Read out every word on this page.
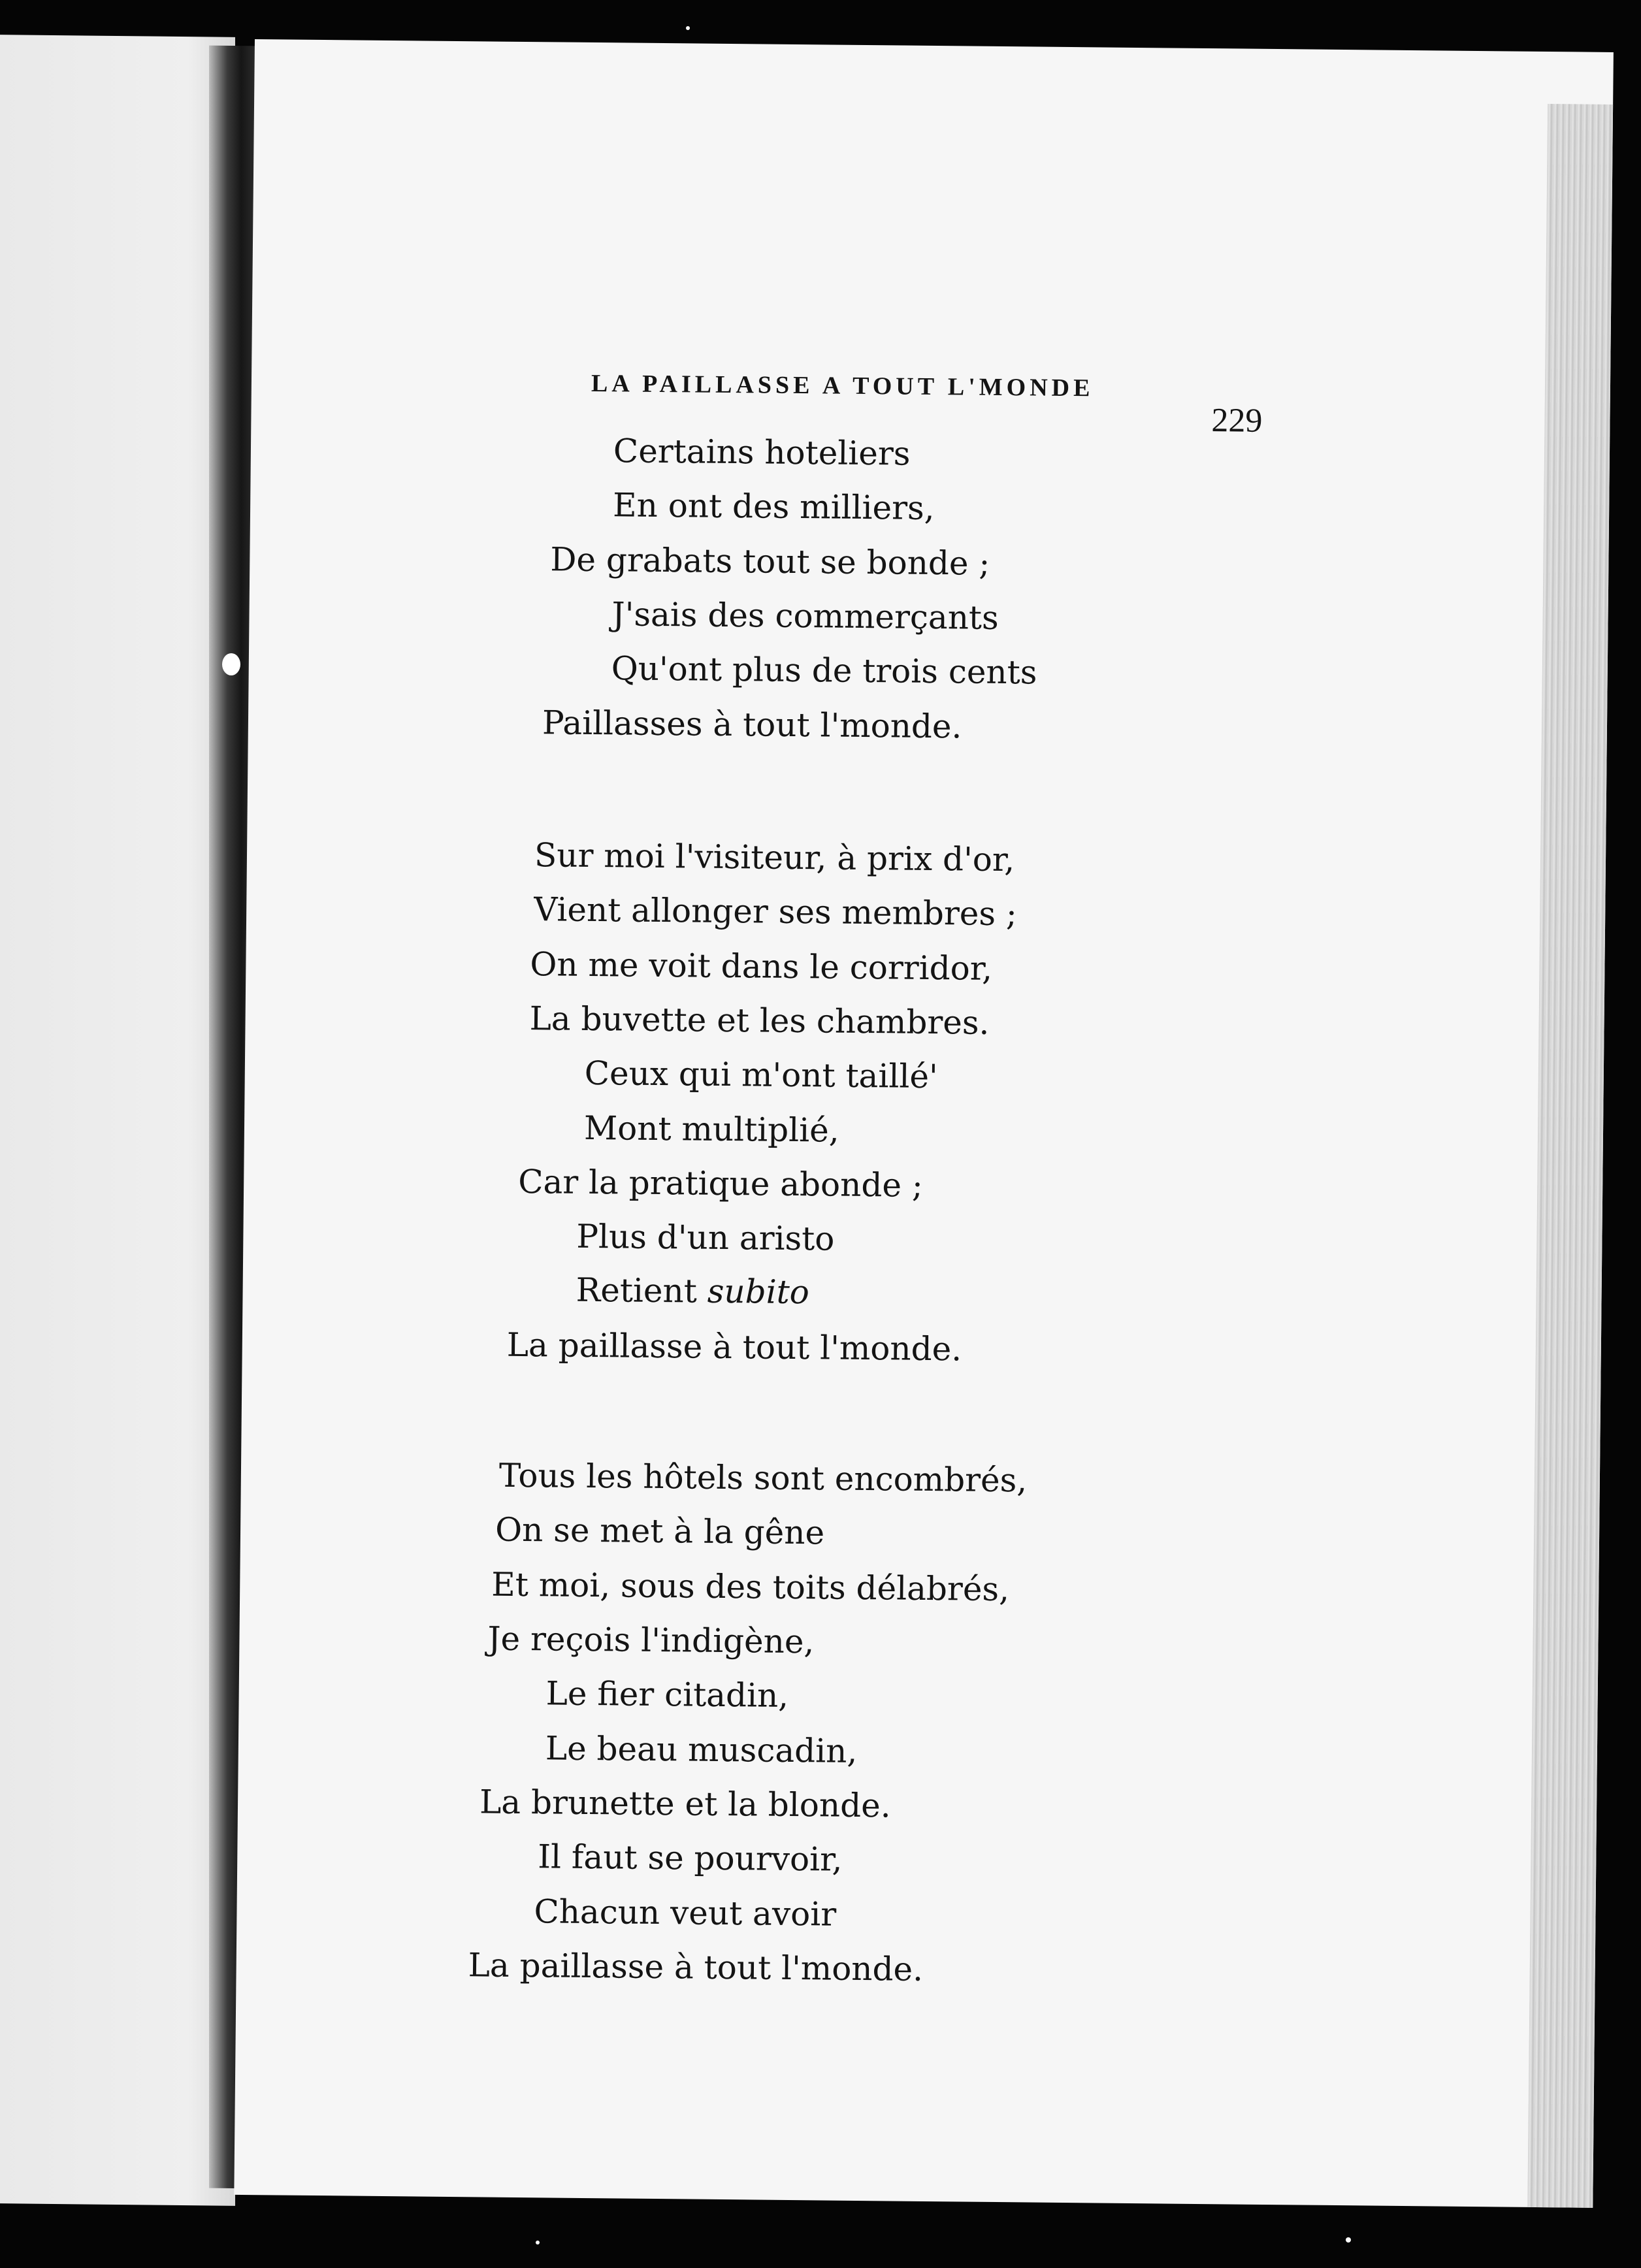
LA PAILLASSE A TOUT L'MONDE
229
Certains hoteliers
En ont des milliers,
De grabats tout se bonde ;
J'sais des commerçants
Qu'ont plus de trois cents
Paillasses à tout l'monde.
Sur moi l'visiteur, à prix d'or,
Vient allonger ses membres ;
On me voit dans le corridor,
La buvette et les chambres.
Ceux qui m'ont taillé'
Mont multiplié,
Car la pratique abonde ;
Plus d'un aristo
Retient subito
La paillasse à tout l'monde.
Tous les hôtels sont encombrés,
On se met à la gêne
Et moi, sous des toits délabrés,
Je reçois l'indigène,
Le fier citadin,
Le beau muscadin,
La brunette et la blonde.
Il faut se pourvoir,
Chacun veut avoir
La paillasse à tout l'monde.
